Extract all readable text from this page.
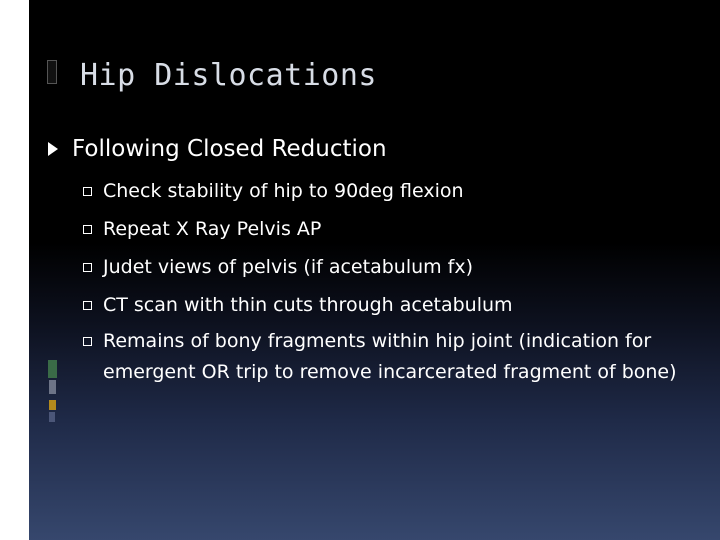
Hip Dislocations
Following Closed Reduction
Check stability of hip to 90deg flexion
Repeat X Ray Pelvis AP
Judet views of pelvis (if acetabulum fx)
CT scan with thin cuts through acetabulum
Remains of bony fragments within hip joint (indication for emergent OR trip to remove incarcerated fragment of bone)
